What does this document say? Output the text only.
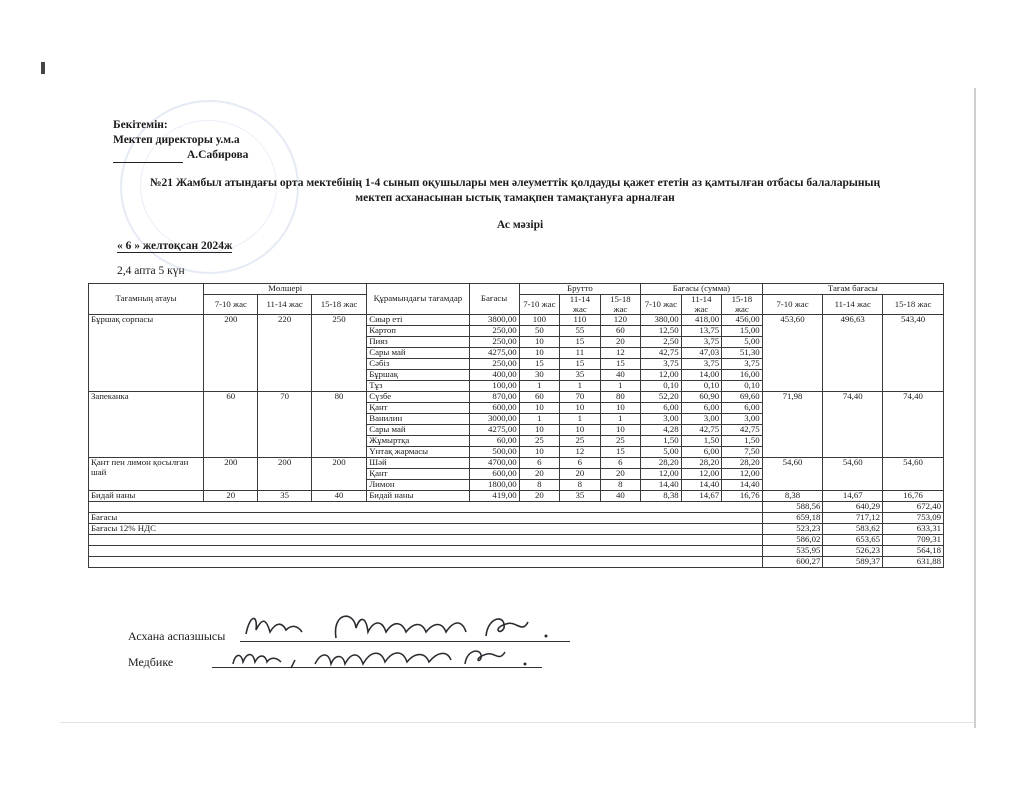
Бекітемін:
Мектеп директоры у.м.а
А.Сабирова
№21 Жамбыл атындағы орта мектебінің 1-4 сынып оқушылары мен әлеуметтік қолдауды қажет ететін аз қамтылған отбасы балаларының
мектеп асханасынан ыстық тамақпен тамақтануға арналған
Ас мәзірі
« 6 » желтоқсан 2024ж
2,4 апта 5 күн
Тағамның атауы	Мөлшері			Құрамындағы тағамдар	Бағасы	Брутто			Бағасы (сумма)			Тағам бағасы		
	7-10 жас	11-14 жас	15-18 жас			7-10 жас	11-14 жас	15-18 жас	7-10 жас	11-14 жас	15-18 жас	7-10 жас	11-14 жас	15-18 жас
Бұршақ сорпасы	200	220	250	Сиыр еті	3800,00	100	110	120	380,00	418,00	456,00	453,60	496,63	543,40
				Картоп	250,00	50	55	60	12,50	13,75	15,00			
				Пияз	250,00	10	15	20	2,50	3,75	5,00			
				Сары май	4275,00	10	11	12	42,75	47,03	51,30			
				Сәбіз	250,00	15	15	15	3,75	3,75	3,75			
				Бұршақ	400,00	30	35	40	12,00	14,00	16,00			
				Тұз	100,00	1	1	1	0,10	0,10	0,10			
Запеканка	60	70	80	Сүзбе	870,00	60	70	80	52,20	60,90	69,60	71,98	74,40	74,40
				Қант	600,00	10	10	10	6,00	6,00	6,00			
				Ванилин	3000,00	1	1	1	3,00	3,00	3,00			
				Сары май	4275,00	10	10	10	4,28	42,75	42,75			
				Жұмыртқа	60,00	25	25	25	1,50	1,50	1,50			
				Үнтақ жармасы	500,00	10	12	15	5,00	6,00	7,50			
Қант пен лимон қосылған шай	200	200	200	Шәй	4700,00	6	6	6	28,20	28,20	28,20	54,60	54,60	54,60
				Қант	600,00	20	20	20	12,00	12,00	12,00			
				Лимон	1800,00	8	8	8	14,40	14,40	14,40			
Бидай наны	20	35	40	Бидай наны	419,00	20	35	40	8,38	14,67	16,76	8,38	14,67	16,76
												588,56	640,29	672,40
Бағасы												659,18	717,12	753,09
Бағасы 12% НДС												523,23	583,62	633,31
												586,02	653,65	709,31
												535,95	526,23	564,18
												600,27	589,37	631,88
Асхана аспазшысы
Жасанова Р.Г.
Медбике
Нуртасова Г.Г.
